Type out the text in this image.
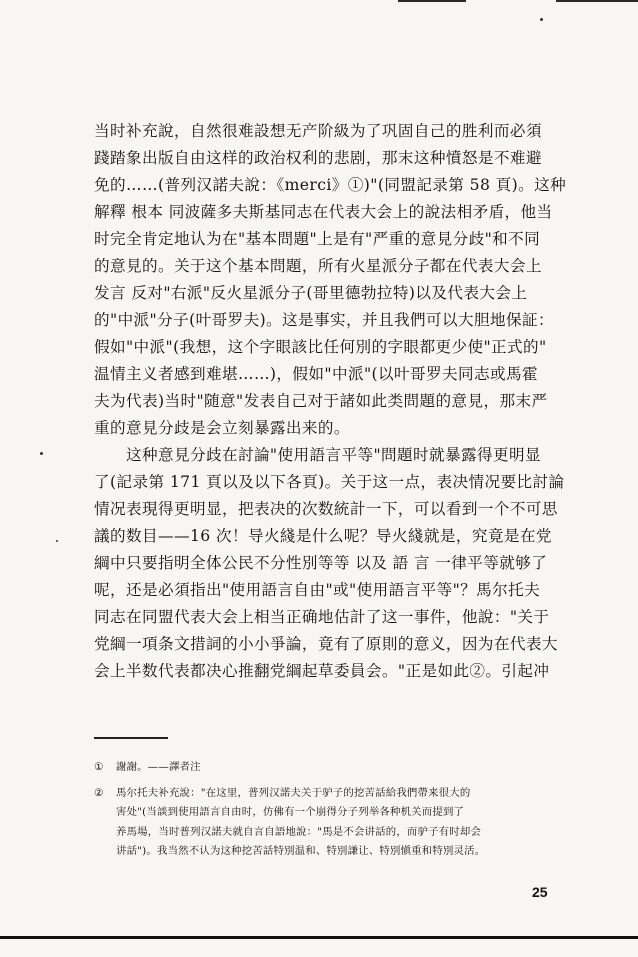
当时补充說，自然很难設想无产阶級为了巩固自己的胜利而必須
踐踏象出版自由这样的政治权利的悲剧，那末这种憤怒是不难避
免的……(普列汉諾夫說：《merci》①)"(同盟記录第 58 頁)。这种
解釋 根本 同波薩多夫斯基同志在代表大会上的說法相矛盾，他当
时完全肯定地认为在"基本問題"上是有"严重的意見分歧"和不同
的意見的。关于这个基本問題，所有火星派分子都在代表大会上
发言 反对"右派"反火星派分子(哥里德勃拉特)以及代表大会上
的"中派"分子(叶哥罗夫)。这是事实，并且我們可以大胆地保証：
假如"中派"(我想，这个字眼該比任何別的字眼都更少使"正式的"
温情主义者感到难堪……)，假如"中派"(以叶哥罗夫同志或馬霍
夫为代表)当时"随意"发表自己对于諸如此类問題的意見，那末严
重的意見分歧是会立刻暴露出来的。
　　这种意見分歧在討論"使用語言平等"問題时就暴露得更明显
了(記录第 171 頁以及以下各頁)。关于这一点，表决情况要比討論
情况表現得更明显，把表决的次数統計一下，可以看到一个不可思
議的数目——16 次！导火綫是什么呢？导火綫就是，究竟是在党
綱中只要指明全体公民不分性別等等 以及 語 言 一律平等就够了
呢，还是必須指出"使用語言自由"或"使用語言平等"？馬尔托夫
同志在同盟代表大会上相当正确地估計了这一事件，他說："关于
党綱一項条文措詞的小小爭論，竟有了原則的意义，因为在代表大
会上半数代表都决心推翻党綱起草委員会。"正是如此②。引起冲
① 謝謝。——譯者注
② 馬尔托夫补充說："在这里，普列汉諾夫关于驴子的挖苦話給我們帶来很大的
害处"(当談到使用語言自由时，仿佛有一个崩得分子列举各种机关而提到了
养馬場，当时普列汉諾夫就自言自語地說："馬是不会讲話的，而驴子有时却会
讲話")。我当然不认为这种挖苦話特別温和、特別謙让、特別愼重和特別灵活。
25
